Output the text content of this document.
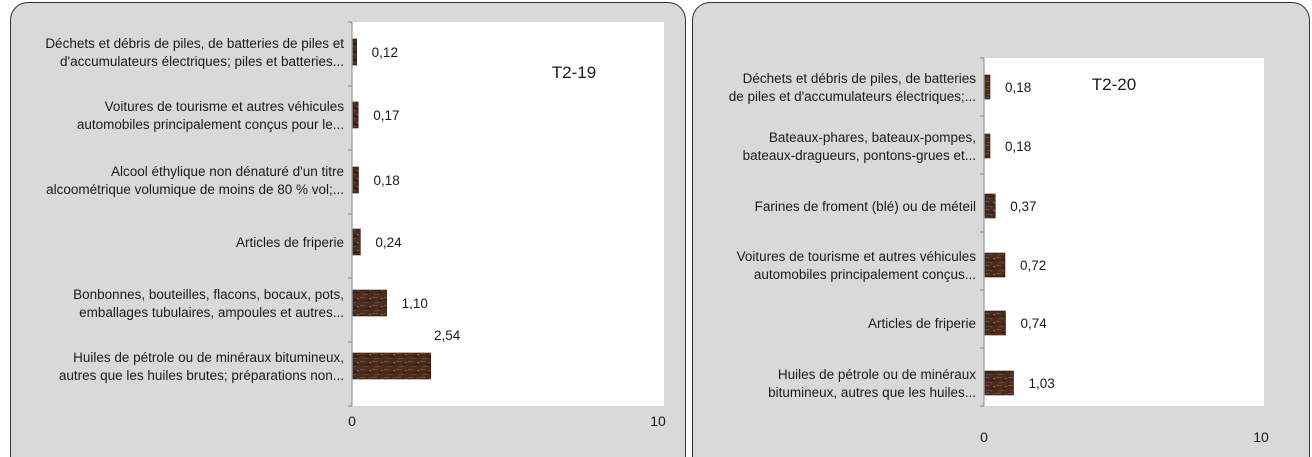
T2-19
0,12
Déchets et débris de piles, de batteries de piles et d'accumulateurs électriques; piles et batteries...
0,17
Voitures de tourisme et autres véhicules automobiles principalement conçus pour le...
0,18
Alcool éthylique non dénaturé d'un titre alcoométrique volumique de moins de 80 % vol;...
0,24
Articles de friperie
1,10
Bonbonnes, bouteilles, flacons, bocaux, pots, emballages tubulaires, ampoules et autres...
2,54
Huiles de pétrole ou de minéraux bitumineux, autres que les huiles brutes; préparations non...
0	10
T2-20
0,18
Déchets et débris de piles, de batteries de piles et d'accumulateurs électriques;...
0,18
Bateaux-phares, bateaux-pompes, bateaux-dragueurs, pontons-grues et...
0,37
Farines de froment (blé) ou de méteil
0,72
Voitures de tourisme et autres véhicules automobiles principalement conçus...
0,74
Articles de friperie
1,03
Huiles de pétrole ou de minéraux bitumineux, autres que les huiles...
0	10
